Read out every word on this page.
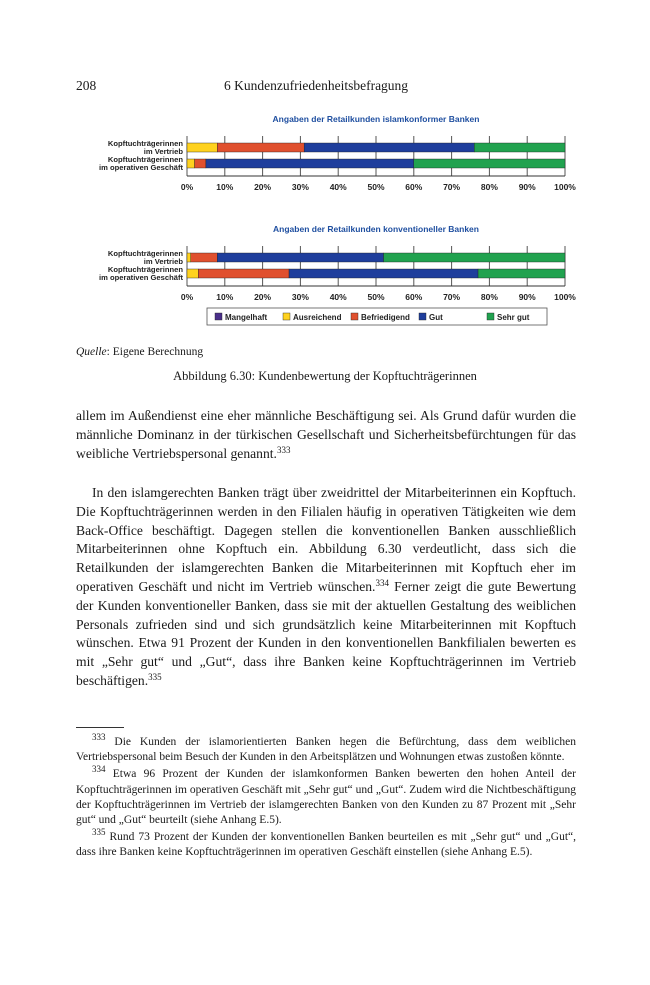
208	6 Kundenzufriedenheitsbefragung
Angaben der Retailkunden islamkonformer Banken
0%	10% 20% 30% 40% 50% 60% 70% 80% 90% 100%
Kopftuchträgerinnen
im Vertrieb
Kopftuchträgerinnen
im operativen Geschäft
Angaben der Retailkunden konventioneller Banken
0%	10% 20% 30% 40% 50% 60% 70% 80% 90% 100%
Kopftuchträgerinnen
im Vertrieb
Kopftuchträgerinnen
im operativen Geschäft
Mangelhaft	Ausreichend Befriedigend Gut	Sehr gut
Quelle: Eigene Berechnung
Abbildung 6.30: Kundenbewertung der Kopftuchträgerinnen
allem im Außendienst eine eher männliche Beschäftigung sei. Als Grund dafür wurden die männliche Dominanz in der türkischen Gesellschaft und Sicherheitsbefürchtungen für das weibliche Vertriebspersonal genannt.$^{333}$
In den islamgerechten Banken trägt über zweidrittel der Mitarbeiterinnen ein Kopftuch. Die Kopftuchträgerinnen werden in den Filialen häufig in operativen Tätigkeiten wie dem Back-Office beschäftigt. Dagegen stellen die konventionellen Banken ausschließlich Mitarbeiterinnen ohne Kopftuch ein. Abbildung 6.30 verdeutlicht, dass sich die Retailkunden der islamgerechten Banken die Mitarbeiterinnen mit Kopftuch eher im operativen Geschäft und nicht im Vertrieb wünschen.$^{334}$ Ferner zeigt die gute Bewertung der Kunden konventioneller Banken, dass sie mit der aktuellen Gestaltung des weiblichen Personals zufrieden sind und sich grundsätzlich keine Mitarbeiterinnen mit Kopftuch wünschen. Etwa 91 Prozent der Kunden in den konventionellen Bankfilialen bewerten es mit „Sehr gut“ und „Gut“, dass ihre Banken keine Kopftuchträgerinnen im Vertrieb beschäftigen.$^{335}$

$^{333}$ Die Kunden der islamorientierten Banken hegen die Befürchtung, dass dem weiblichen Vertriebspersonal beim Besuch der Kunden in den Arbeitsplätzen und Wohnungen etwas zustoßen könnte.

$^{334}$ Etwa 96 Prozent der Kunden der islamkonformen Banken bewerten den hohen Anteil der Kopftuchträgerinnen im operativen Geschäft mit „Sehr gut“ und „Gut“. Zudem wird die Nichtbeschäftigung der Kopftuchträgerinnen im Vertrieb der islamgerechten Banken von den Kunden zu 87 Prozent mit „Sehr gut“ und „Gut“ beurteilt (siehe Anhang E.5).

$^{335}$ Rund 73 Prozent der Kunden der konventionellen Banken beurteilen es mit „Sehr gut“ und „Gut“, dass ihre Banken keine Kopftuchträgerinnen im operativen Geschäft einstellen (siehe Anhang E.5).
